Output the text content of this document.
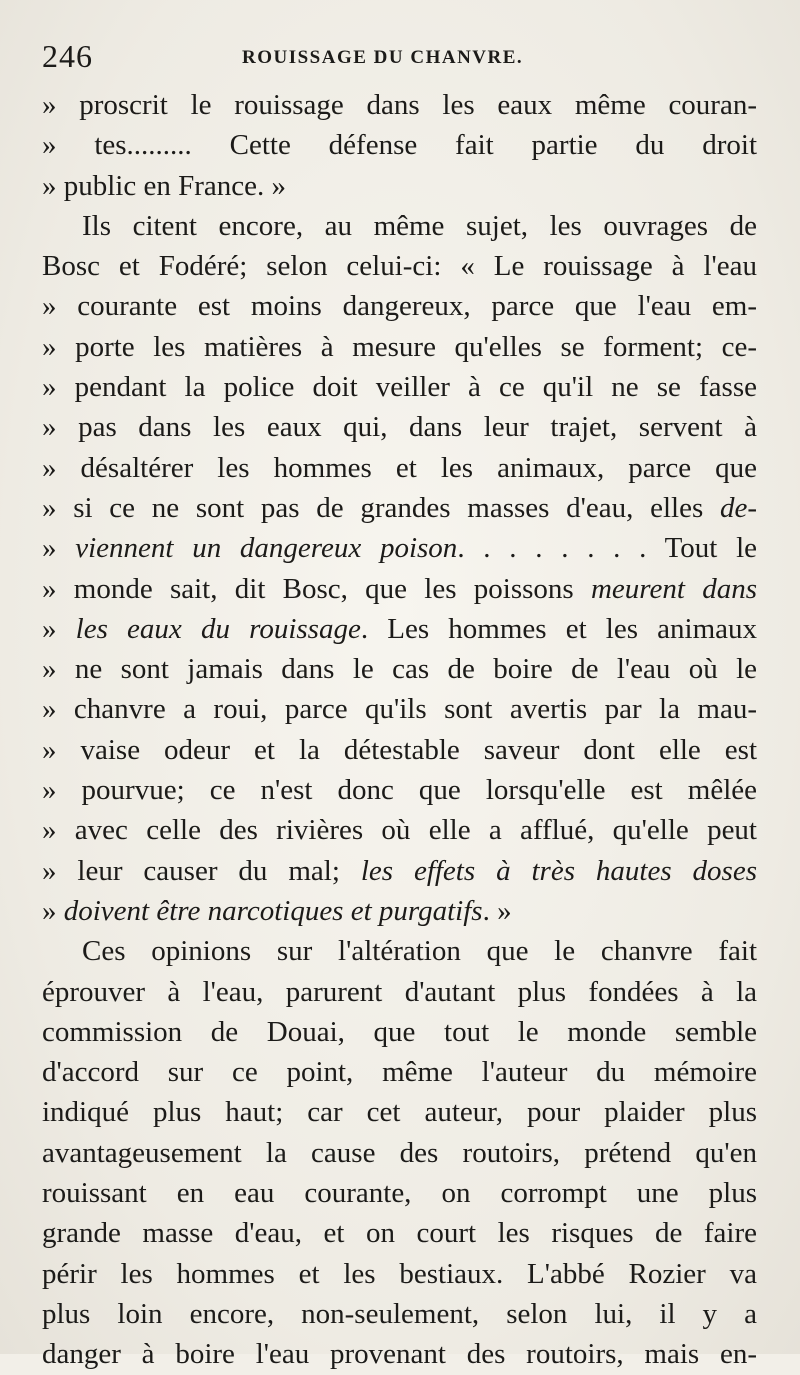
246	ROUISSAGE DU CHANVRE.
» proscrit le rouissage dans les eaux même couran-
» tes......... Cette défense fait partie du droit
» public en France. »
Ils citent encore, au même sujet, les ouvrages de
Bosc et Fodéré; selon celui-ci: « Le rouissage à l'eau
» courante est moins dangereux, parce que l'eau em-
» porte les matières à mesure qu'elles se forment; ce-
» pendant la police doit veiller à ce qu'il ne se fasse
» pas dans les eaux qui, dans leur trajet, servent à
» désaltérer les hommes et les animaux, parce que
» si ce ne sont pas de grandes masses d'eau, elles de-
» viennent un dangereux poison. . . . . . . . Tout le
» monde sait, dit Bosc, que les poissons meurent dans
» les eaux du rouissage. Les hommes et les animaux
» ne sont jamais dans le cas de boire de l'eau où le
» chanvre a roui, parce qu'ils sont avertis par la mau-
» vaise odeur et la détestable saveur dont elle est
» pourvue; ce n'est donc que lorsqu'elle est mêlée
» avec celle des rivières où elle a afflué, qu'elle peut
» leur causer du mal; les effets à très hautes doses
» doivent être narcotiques et purgatifs. »
Ces opinions sur l'altération que le chanvre fait
éprouver à l'eau, parurent d'autant plus fondées à la
commission de Douai, que tout le monde semble
d'accord sur ce point, même l'auteur du mémoire
indiqué plus haut; car cet auteur, pour plaider plus
avantageusement la cause des routoirs, prétend qu'en
rouissant en eau courante, on corrompt une plus
grande masse d'eau, et on court les risques de faire
périr les hommes et les bestiaux. L'abbé Rozier va
plus loin encore, non-seulement, selon lui, il y a
danger à boire l'eau provenant des routoirs, mais en-
